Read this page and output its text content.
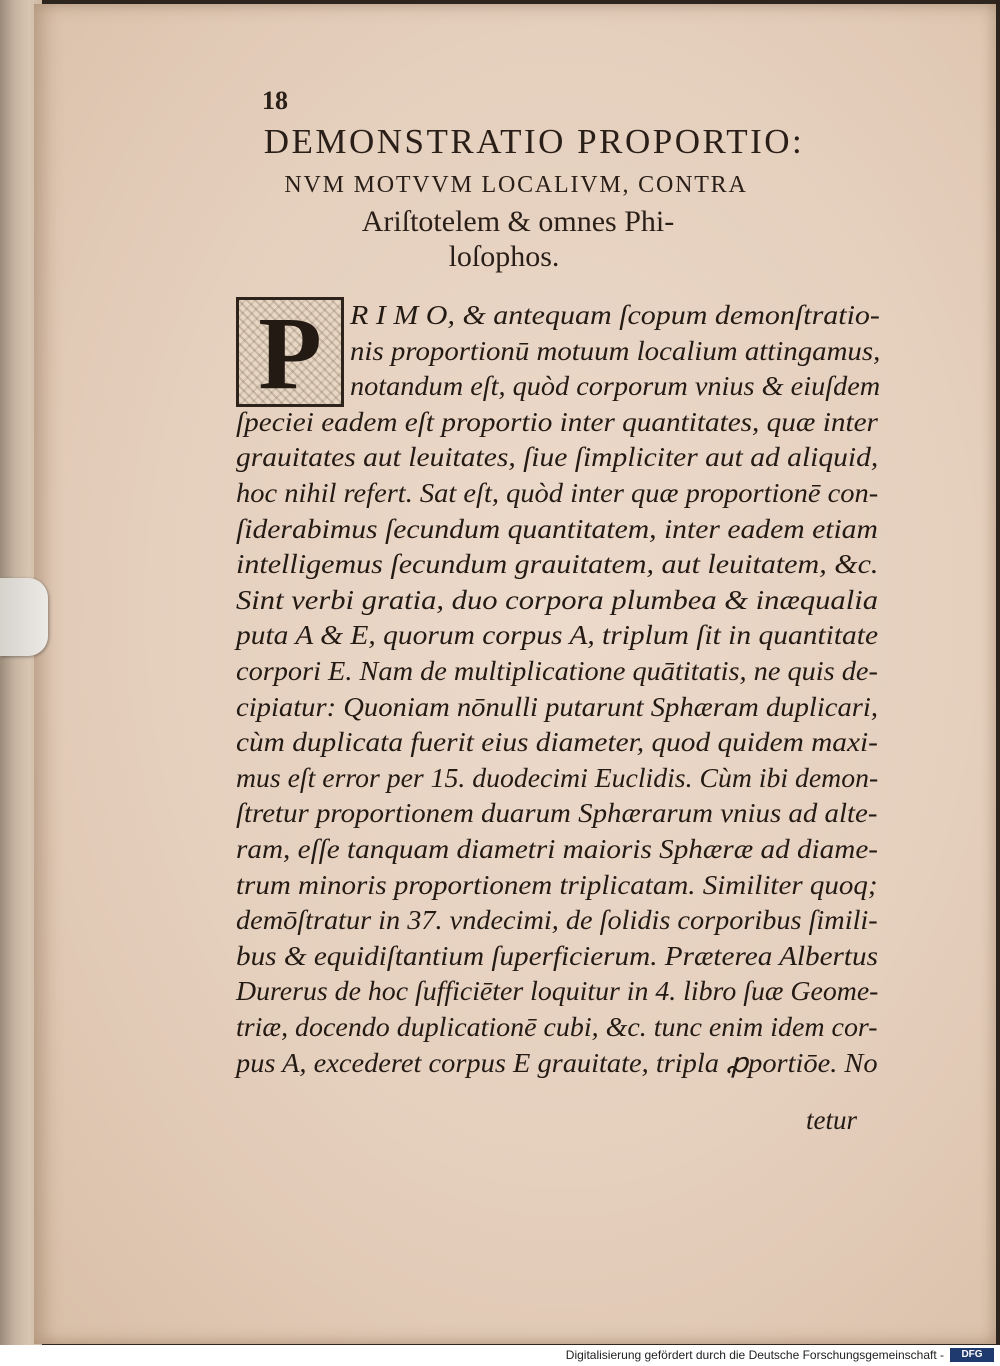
18
DEMONSTRATIO PROPORTIO:
NVM MOTVVM LOCALIVM, CONTRA
Ariſtotelem & omnes Phi-
loſophos.
P	R I M O, & antequam ſcopum demonſtratio-
nis proportionū motuum localium attingamus,
notandum eſt, quòd corporum vnius & eiuſdem
ſpeciei eadem eſt proportio inter quantitates, quæ inter
grauitates aut leuitates, ſiue ſimpliciter aut ad aliquid,
hoc nihil refert. Sat eſt, quòd inter quæ proportionē con-
ſiderabimus ſecundum quantitatem, inter eadem etiam
intelligemus ſecundum grauitatem, aut leuitatem, &c.
Sint verbi gratia, duo corpora plumbea & inæqualia
puta A & E, quorum corpus A, triplum ſit in quantitate
corpori E. Nam de multiplicatione quātitatis, ne quis de-
cipiatur: Quoniam nōnulli putarunt Sphæram duplicari,
cùm duplicata fuerit eius diameter, quod quidem maxi-
mus eſt error per 15. duodecimi Euclidis. Cùm ibi demon-
ſtretur proportionem duarum Sphærarum vnius ad alte-
ram, eſſe tanquam diametri maioris Sphæræ ad diame-
trum minoris proportionem triplicatam. Similiter quoq;
demōſtratur in 37. vndecimi, de ſolidis corporibus ſimili-
bus & equidiſtantium ſuperficierum. Præterea Albertus
Durerus de hoc ſufficiēter loquitur in 4. libro ſuæ Geome-
triæ, docendo duplicationē cubi, &c. tunc enim idem cor-
pus A, excederet corpus E grauitate, tripla ꝓportiōe. No
tetur
Digitalisierung gefördert durch die Deutsche Forschungsgemeinschaft -	DFG
